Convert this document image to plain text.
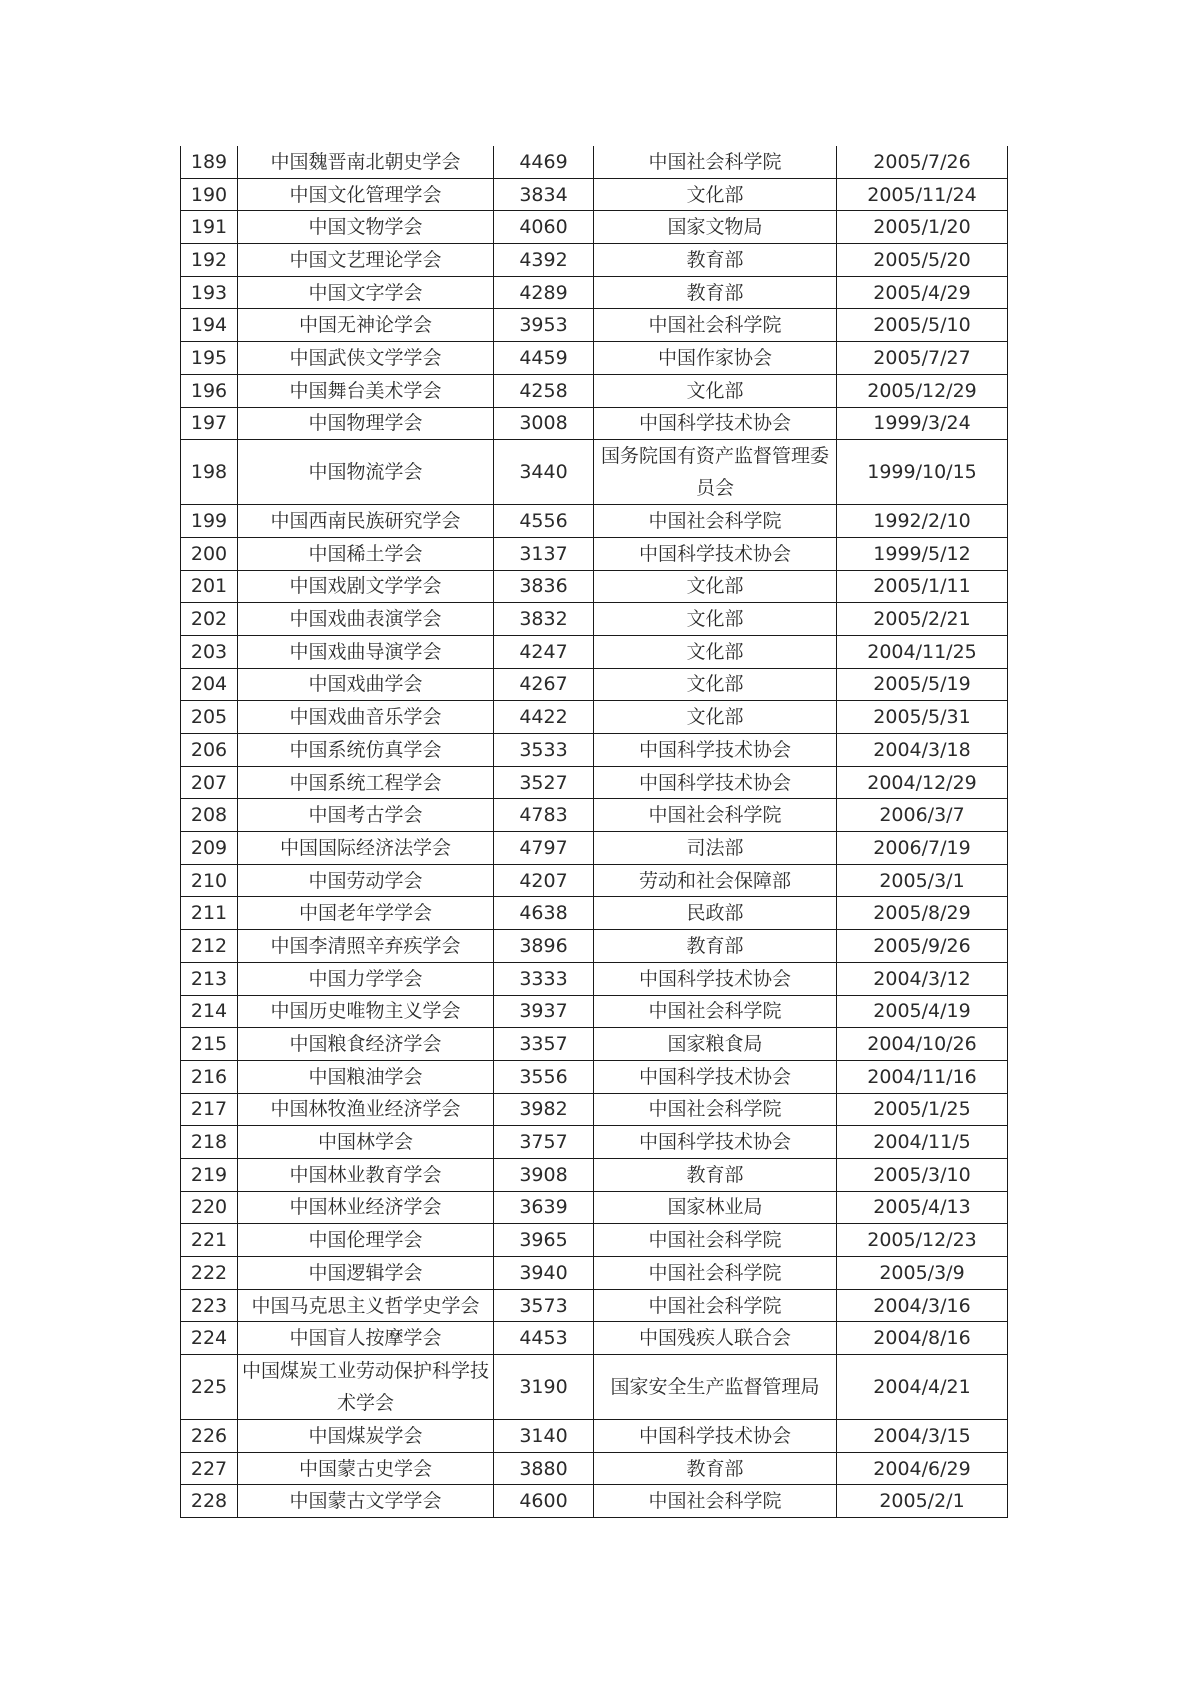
189	中国魏晋南北朝史学会	4469	中国社会科学院	2005/7/26
190	中国文化管理学会	3834	文化部	2005/11/24
191	中国文物学会	4060	国家文物局	2005/1/20
192	中国文艺理论学会	4392	教育部	2005/5/20
193	中国文字学会	4289	教育部	2005/4/29
194	中国无神论学会	3953	中国社会科学院	2005/5/10
195	中国武侠文学学会	4459	中国作家协会	2005/7/27
196	中国舞台美术学会	4258	文化部	2005/12/29
197	中国物理学会	3008	中国科学技术协会	1999/3/24
198	中国物流学会	3440	国务院国有资产监督管理委员会	1999/10/15
199	中国西南民族研究学会	4556	中国社会科学院	1992/2/10
200	中国稀土学会	3137	中国科学技术协会	1999/5/12
201	中国戏剧文学学会	3836	文化部	2005/1/11
202	中国戏曲表演学会	3832	文化部	2005/2/21
203	中国戏曲导演学会	4247	文化部	2004/11/25
204	中国戏曲学会	4267	文化部	2005/5/19
205	中国戏曲音乐学会	4422	文化部	2005/5/31
206	中国系统仿真学会	3533	中国科学技术协会	2004/3/18
207	中国系统工程学会	3527	中国科学技术协会	2004/12/29
208	中国考古学会	4783	中国社会科学院	2006/3/7
209	中国国际经济法学会	4797	司法部	2006/7/19
210	中国劳动学会	4207	劳动和社会保障部	2005/3/1
211	中国老年学学会	4638	民政部	2005/8/29
212	中国李清照辛弃疾学会	3896	教育部	2005/9/26
213	中国力学学会	3333	中国科学技术协会	2004/3/12
214	中国历史唯物主义学会	3937	中国社会科学院	2005/4/19
215	中国粮食经济学会	3357	国家粮食局	2004/10/26
216	中国粮油学会	3556	中国科学技术协会	2004/11/16
217	中国林牧渔业经济学会	3982	中国社会科学院	2005/1/25
218	中国林学会	3757	中国科学技术协会	2004/11/5
219	中国林业教育学会	3908	教育部	2005/3/10
220	中国林业经济学会	3639	国家林业局	2005/4/13
221	中国伦理学会	3965	中国社会科学院	2005/12/23
222	中国逻辑学会	3940	中国社会科学院	2005/3/9
223	中国马克思主义哲学史学会	3573	中国社会科学院	2004/3/16
224	中国盲人按摩学会	4453	中国残疾人联合会	2004/8/16
225	中国煤炭工业劳动保护科学技术学会	3190	国家安全生产监督管理局	2004/4/21
226	中国煤炭学会	3140	中国科学技术协会	2004/3/15
227	中国蒙古史学会	3880	教育部	2004/6/29
228	中国蒙古文学学会	4600	中国社会科学院	2005/2/1
